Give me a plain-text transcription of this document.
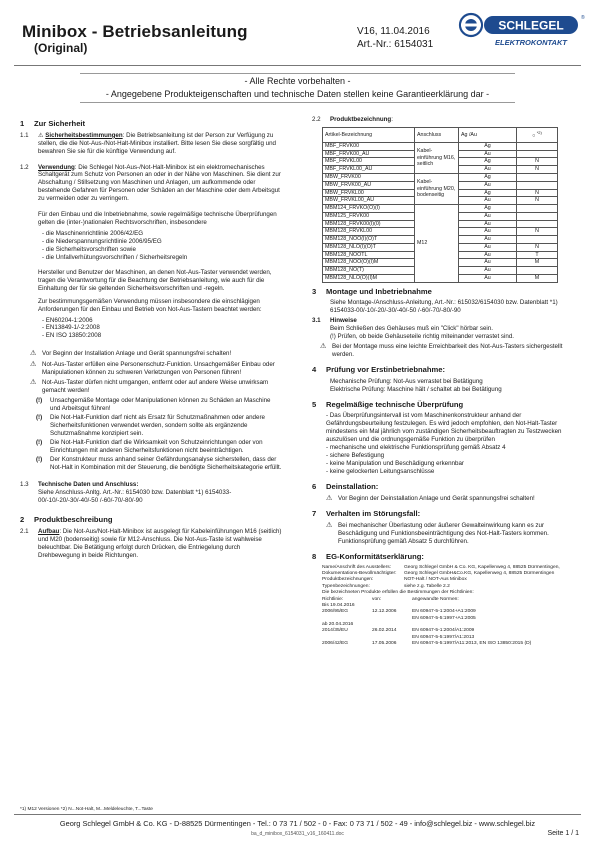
Minibox - Betriebsanleitung
(Original)
V16, 11.04.2016
Art.-Nr.: 6154031
SCHLEGEL
®
ELEKTROKONTAKT
- Alle Rechte vorbehalten -
- Angegebene Produkteigenschaften und technische Daten stellen keine Garantieerklärung dar -
1	Zur Sicherheit
1.1	⚠ Sicherheitsbestimmungen: Die Betriebsanleitung ist der Person zur Verfügung zu stellen, die die Not-Aus-/Not-Halt-Minibox installiert. Bitte lesen Sie diese sorgfältig und bewahren Sie sie für die künftige Verwendung auf.
1.2	Verwendung: Die Schlegel Not-Aus-/Not-Halt-Minibox ist ein elektromechanisches Schaltgerät zum Schutz von Personen an oder in der Nähe von Maschinen. Sie dient zur Abschaltung / Stillsetzung von Maschinen und Anlagen, um aufkommende oder bestehende Gefahren für Personen oder Schäden an der Maschine oder dem Arbeitsgut zu vermeiden oder zu verringern.
Für den Einbau und die Inbetriebnahme, sowie regelmäßige technische Überprüfungen gelten die (inter-)nationalen Rechtsvorschriften, insbesondere
- die Maschinenrichtlinie 2006/42/EG
- die Niederspannungsrichtlinie 2006/95/EG
- die Sicherheitsvorschriften sowie
- die Unfallverhütungsvorschriften / Sicherheitsregeln
Hersteller und Benutzer der Maschinen, an denen Not-Aus-Taster verwendet werden, tragen die Verantwortung für die Beachtung der Betriebsanleitung, wie auch für die Einhaltung der für sie geltenden Sicherheitsvorschriften und -regeln.
Zur bestimmungsgemäßen Verwendung müssen insbesondere die einschlägigen Anforderungen für den Einbau und Betrieb von Not-Aus-Tastern beachtet werden:
- EN60204-1:2006
- EN13849-1/-2:2008
- EN ISO 13850:2008
⚠ Vor Beginn der Installation Anlage und Gerät spannungsfrei schalten!
⚠ Not-Aus-Taster erfüllen eine Personenschutz-Funktion. Unsachgemäßer Einbau oder Manipulationen können zu schweren Verletzungen von Personen führen!
⚠ Not-Aus-Taster dürfen nicht umgangen, entfernt oder auf andere Weise unwirksam gemacht werden!
(!)	Unsachgemäße Montage oder Manipulationen können zu Schäden an Maschine und Arbeitsgut führen!
(!)	Die Not-Halt-Funktion darf nicht als Ersatz für Schutzmaßnahmen oder andere Sicherheitsfunktionen verwendet werden, sondern sollte als ergänzende Schutzmaßnahme konzipiert sein.
(!)	Die Not-Halt-Funktion darf die Wirksamkeit von Schutzeinrichtungen oder von Einrichtungen mit anderen Sicherheitsfunktionen nicht beeinträchtigen.
(!)	Der Konstrukteur muss anhand seiner Gefährdungsanalyse sicherstellen, dass der Not-Halt in Kombination mit der Steuerung, die benötigte Sicherheitskategorie erfüllt.
1.3	Technische Daten und Anschluss:
Siehe Anschluss-Anltg. Art.-Nr.: 6154030 bzw. Datenblatt *1) 6154033-00/-10/-20/-30/-40/-50 /-60/-70/-80/-90
2	Produktbeschreibung
2.1	Aufbau: Die Not-Aus/Not-Halt-Minibox ist ausgelegt für Kabeleinführungen M16 (seitlich) und M20 (bodenseitig) sowie für M12-Anschluss. Die Not-Aus-Taste ist wahlweise beleuchtbar. Die Betätigung erfolgt durch Drücken, die Entriegelung durch Drehbewegung in beide Richtungen.
2.2	Produktbezeichnung:
Artikel-Bezeichnung	Anschluss	Ag /Au	○ $^{*2)}$
MBF_FRVK00	Kabel-einführung M16, seitlich	Ag	
MBF_FRVK00_AU		Au	
MBF_FRVKL00		Ag	N
MBF_FRVKL00_AU		Au	N
MBW_FRVK00	Kabel-einführung M20, bodenseitig	Ag	
MBW_FRVK00_AU		Au	
MBW_FRVKL00		Ag	N
MBW_FRVKL00_AU		Au	N
MBM124_FRVKO(O)(I)	M12	Ag	
MBM125_FRVK00		Au	
MBM128_FRVK00(I)(0)		Au	
MBM128_FRVKL00		Au	N
MBM128_NOO(I)(O)T		Au	
MBM128_NLO(I)(O)T		Au	N
MBM128_NOOTL		Au	T
MBM128_NOO(O)(I)M		Au	M
MBM128_NO(T)		Au	
MBM128_NLO(O)(I)M		Au	M
3	Montage und Inbetriebnahme
Siehe Montage-/Anschluss-Anleitung, Art.-Nr.: 615032/6154030 bzw. Datenblatt *1) 6154033-00/-10/-20/-30/-40/-50 /-60/-70/-80/-90
3.1	Hinweise
Beim Schließen des Gehäuses muß ein "Click" hörbar sein.
(!) Prüfen, ob beide Gehäuseteile richtig miteinander verrastet sind.
⚠ Bei der Montage muss eine leichte Erreichbarkeit des Not-Aus-Tasters sichergestellt werden.
4	Prüfung vor Erstinbetriebnahme:
Mechanische Prüfung: Not-Aus verrastet bei Betätigung
Elektrische Prüfung: Maschine hält / schaltet ab bei Betätigung
5	Regelmäßige technische Überprüfung
- Das Überprüfungsintervall ist vom Maschinenkonstrukteur anhand der Gefährdungsbeurteilung festzulegen. Es wird jedoch empfohlen, den Not-Halt-Taster mindestens ein Mal jährlich vom zuständigen Sicherheitsbeauftragten zu Testzwecken auszulösen und die ordnungsgemäße Funktion zu überprüfen
- mechanische und elektrische Funktionsprüfung gemäß Absatz 4
- sichere Befestigung
- keine Manipulation und Beschädigung erkennbar
- keine gelockerten Leitungsanschlüsse
6	Deinstallation:
⚠ Vor Beginn der Deinstallation Anlage und Gerät spannungsfrei schalten!
7	Verhalten im Störungsfall:
⚠ Bei mechanischer Überlastung oder äußerer Gewalteinwirkung kann es zur Beschädigung und Funktionsbeeinträchtigung des Not-Halt-Tasters kommen. Funktionsprüfung gemäß Absatz 5 durchführen.
8	EG-Konformitätserklärung:
Name/Anschrift des Ausstellers:	Georg Schlegel GmbH & Co. KG, Kapellenweg 4, 88525 Dürmentingen,
Dokumentations-Bevollmächtigter:	Georg Schlegel GmbH&Co.KG, Kapellenweg 4, 88525 Dürmentingen
Produktbezeichnungen:	NOT-Halt / NOT-Aus Minibox
Typenbezeichnungen:	siehe z.g. Tabelle 2.2
Die bezeichneten Produkte erfüllen die Bestimmungen der Richtlinien:
Richtlinie:	von:	angewandte Normen:
Bis 19.04.2016
2006/95/EG	12.12.2006	EN 60947-5-1:2004+A1:2009
EN 60947-5-5:1997+A1:2005
ab 20.04.2016
2014/35/EU	26.02.2014	EN 60947-5-1:2004/A1:2009
EN 60947-5-5:1997/A1:2013
2006/42/EG	17.05.2006	EN 60947-5-5:1997/A11:2013, EN ISO 13850:2015 (D)
*1) M12 Versionen *2) N...Not-Halt, M...Meldeleuchte, T...Taste
Georg Schlegel GmbH & Co. KG - D-88525 Dürmentingen - Tel.: 0 73 71 / 502 - 0 - Fax: 0 73 71 / 502 - 49 - info@schlegel.biz - www.schlegel.biz
Seite 1 / 1
ba_d_minibox_6154031_v16_160411.doc
